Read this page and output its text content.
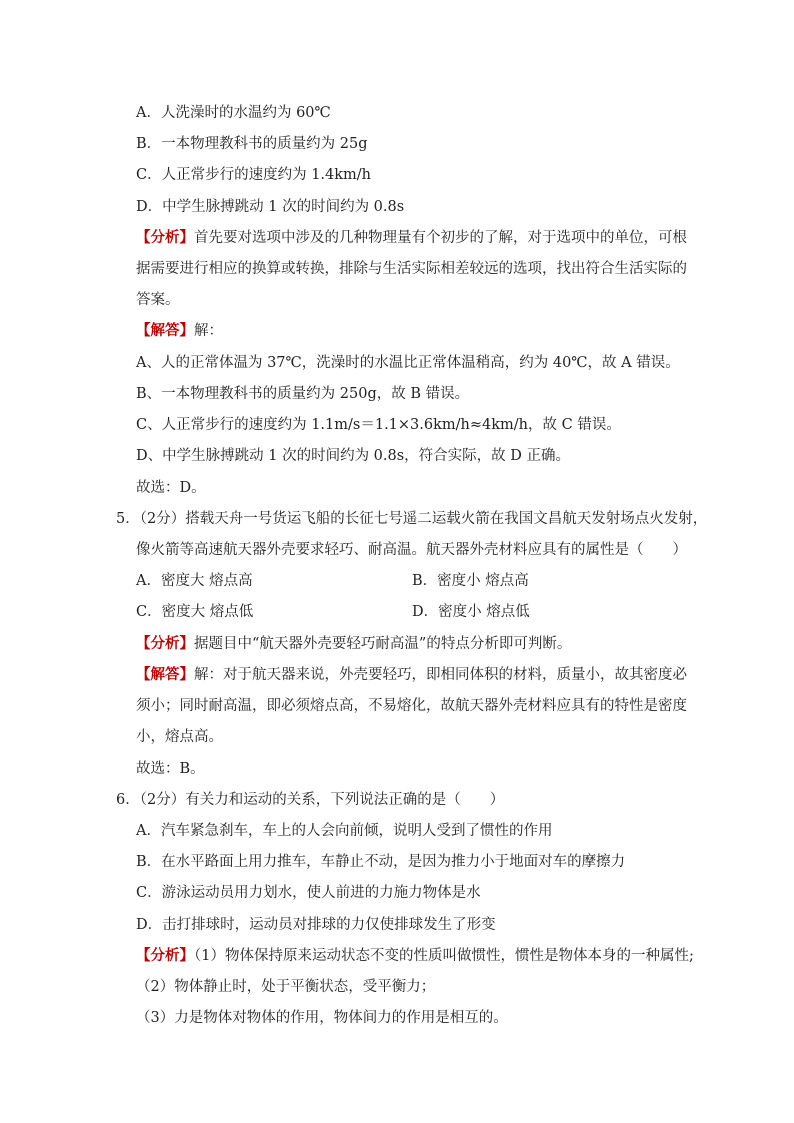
A．人洗澡时的水温约为 60℃
B．一本物理教科书的质量约为 25g
C．人正常步行的速度约为 1.4km/h
D．中学生脉搏跳动 1 次的时间约为 0.8s
【分析】首先要对选项中涉及的几种物理量有个初步的了解，对于选项中的单位，可根
据需要进行相应的换算或转换，排除与生活实际相差较远的选项，找出符合生活实际的
答案。
【解答】解：
A、人的正常体温为 37℃，洗澡时的水温比正常体温稍高，约为 40℃，故 A 错误。
B、一本物理教科书的质量约为 250g，故 B 错误。
C、人正常步行的速度约为 1.1m/s＝1.1×3.6km/h≈4km/h，故 C 错误。
D、中学生脉搏跳动 1 次的时间约为 0.8s，符合实际，故 D 正确。
故选：D。
5．（2分）搭载天舟一号货运飞船的长征七号遥二运载火箭在我国文昌航天发射场点火发射，
像火箭等高速航天器外壳要求轻巧、耐高温。航天器外壳材料应具有的属性是（　　）
A．密度大 熔点高	B．密度小 熔点高
C．密度大 熔点低	D．密度小 熔点低
【分析】据题目中“航天器外壳要轻巧耐高温”的特点分析即可判断。
【解答】解：对于航天器来说，外壳要轻巧，即相同体积的材料，质量小，故其密度必
须小；同时耐高温，即必须熔点高，不易熔化，故航天器外壳材料应具有的特性是密度
小，熔点高。
故选：B。
6．（2分）有关力和运动的关系，下列说法正确的是（　　）
A．汽车紧急刹车，车上的人会向前倾，说明人受到了惯性的作用
B．在水平路面上用力推车，车静止不动，是因为推力小于地面对车的摩擦力
C．游泳运动员用力划水，使人前进的力施力物体是水
D．击打排球时，运动员对排球的力仅使排球发生了形变
【分析】（1）物体保持原来运动状态不变的性质叫做惯性，惯性是物体本身的一种属性;
（2）物体静止时，处于平衡状态，受平衡力；
（3）力是物体对物体的作用，物体间力的作用是相互的。
